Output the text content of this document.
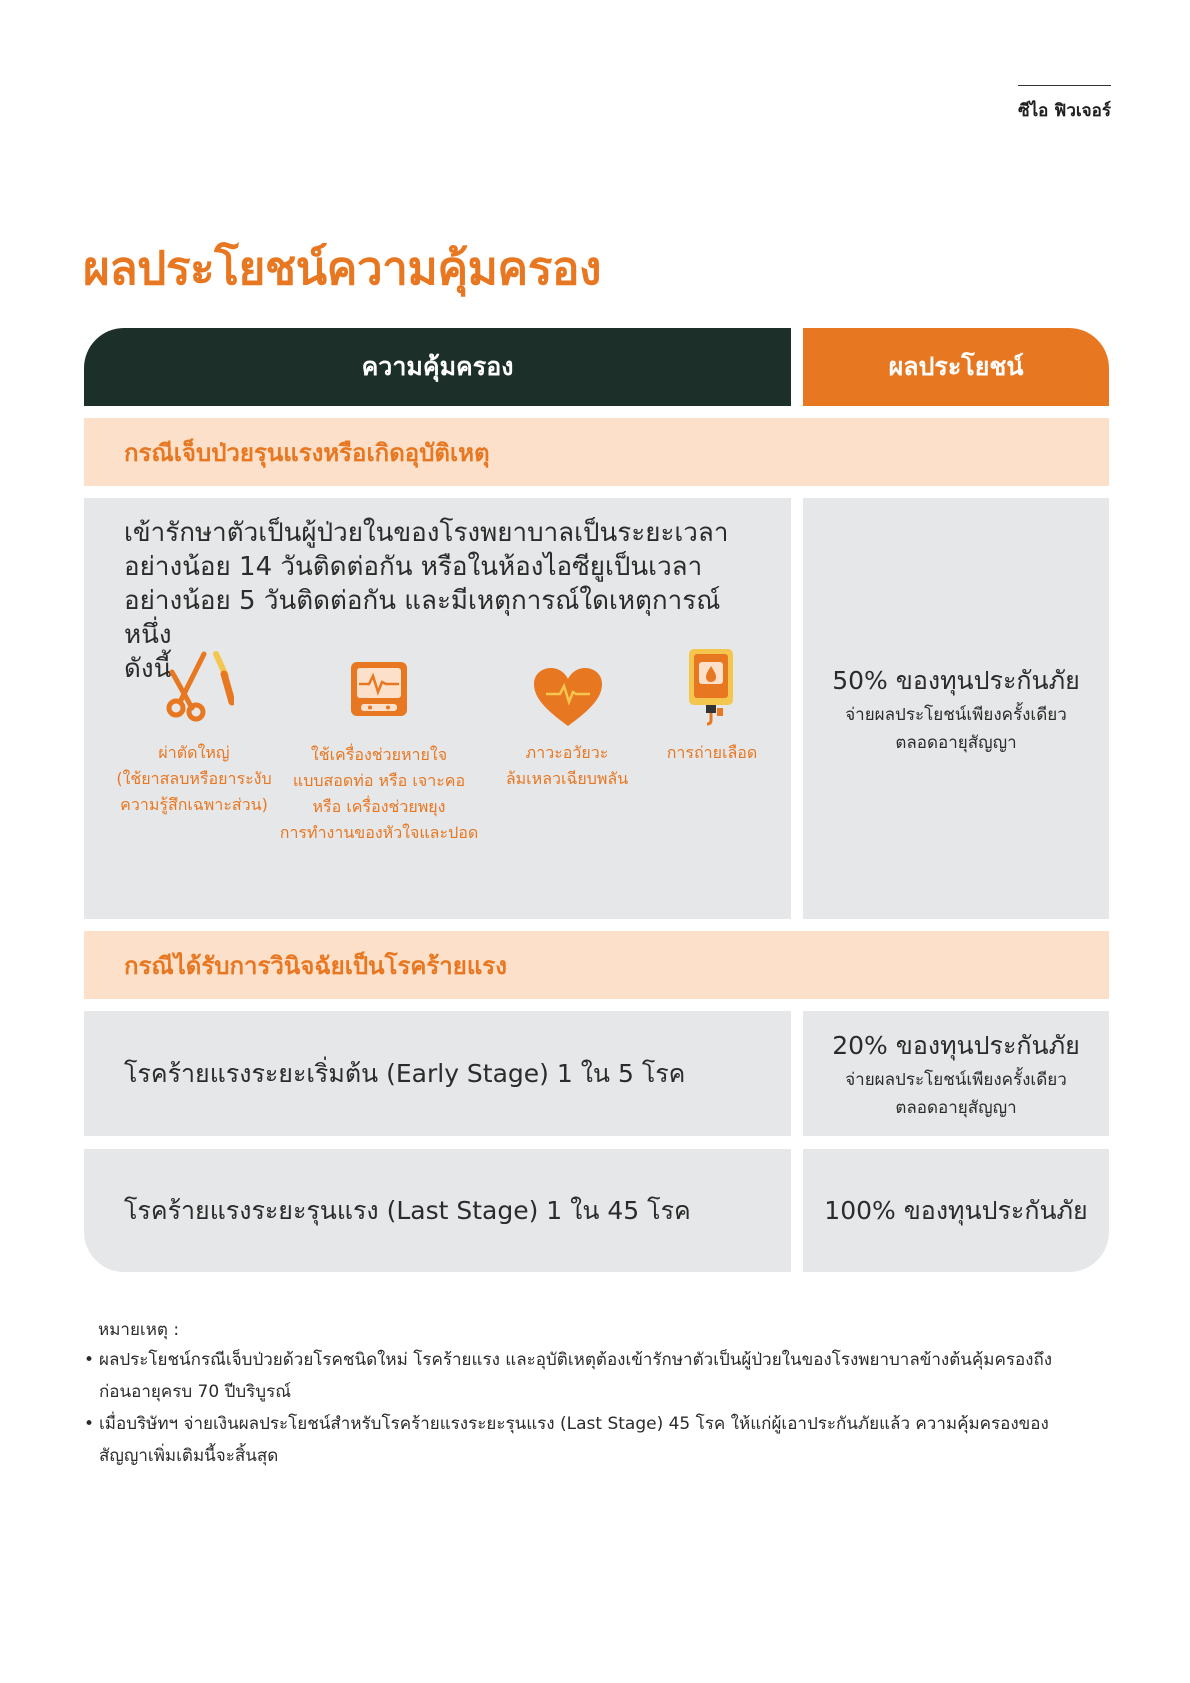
ซีไอ ฟิวเจอร์
ผลประโยชน์ความคุ้มครอง
ความคุ้มครอง	ผลประโยชน์
กรณีเจ็บป่วยรุนแรงหรือเกิดอุบัติเหตุ
เข้ารักษาตัวเป็นผู้ป่วยในของโรงพยาบาลเป็นระยะเวลา
อย่างน้อย 14 วันติดต่อกัน หรือในห้องไอซียูเป็นเวลา
อย่างน้อย 5 วันติดต่อกัน และมีเหตุการณ์ใดเหตุการณ์หนึ่ง
ดังนี้
ผ่าตัดใหญ่
(ใช้ยาสลบหรือยาระงับ
ความรู้สึกเฉพาะส่วน)
ใช้เครื่องช่วยหายใจ
แบบสอดท่อ หรือ เจาะคอ
หรือ เครื่องช่วยพยุง
การทำงานของหัวใจและปอด
ภาวะอวัยวะ
ล้มเหลวเฉียบพลัน
การถ่ายเลือด
50% ของทุนประกันภัย
จ่ายผลประโยชน์เพียงครั้งเดียว
ตลอดอายุสัญญา
กรณีได้รับการวินิจฉัยเป็นโรคร้ายแรง
โรคร้ายแรงระยะเริ่มต้น (Early Stage) 1 ใน 5 โรค
20% ของทุนประกันภัย
จ่ายผลประโยชน์เพียงครั้งเดียว
ตลอดอายุสัญญา
โรคร้ายแรงระยะรุนแรง (Last Stage) 1 ใน 45 โรค	100% ของทุนประกันภัย
หมายเหตุ :
• ผลประโยชน์กรณีเจ็บป่วยด้วยโรคชนิดใหม่ โรคร้ายแรง และอุบัติเหตุต้องเข้ารักษาตัวเป็นผู้ป่วยในของโรงพยาบาลข้างต้นคุ้มครองถึง
ก่อนอายุครบ 70 ปีบริบูรณ์
• เมื่อบริษัทฯ จ่ายเงินผลประโยชน์สำหรับโรคร้ายแรงระยะรุนแรง (Last Stage) 45 โรค ให้แก่ผู้เอาประกันภัยแล้ว ความคุ้มครองของ
สัญญาเพิ่มเติมนี้จะสิ้นสุด
